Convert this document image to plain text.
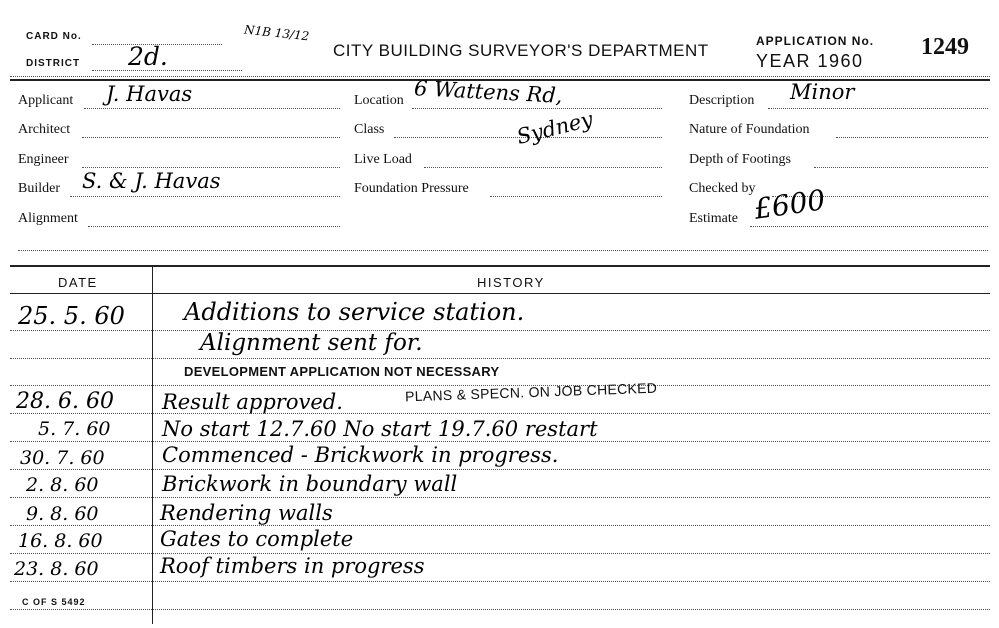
CARD No.
DISTRICT 2d.
N1B 13/12
CITY BUILDING SURVEYOR'S DEPARTMENT	APPLICATION No. 1249
YEAR 1960
Applicant J. Havas
Architect
Engineer
Builder S. & J. Havas
Alignment
Location 6 Wattens Rd,
Class	Sydney
Live Load
Foundation Pressure
Description Minor
Nature of Foundation
Depth of Footings
Checked by
Estimate £600
DATE	HISTORY
25. 5. 60 Additions to service station.
Alignment sent for.
DEVELOPMENT APPLICATION NOT NECESSARY
28. 6. 60 Result approved.	PLANS & SPECN. ON JOB CHECKED
5. 7. 60 No start 12.7.60 No start 19.7.60 restart
30. 7. 60	Commenced - Brickwork in progress.
2. 8. 60	Brickwork in boundary wall
9. 8. 60	Rendering walls
16. 8. 60	Gates to complete
23. 8. 60	Roof timbers in progress
C OF S 5492
